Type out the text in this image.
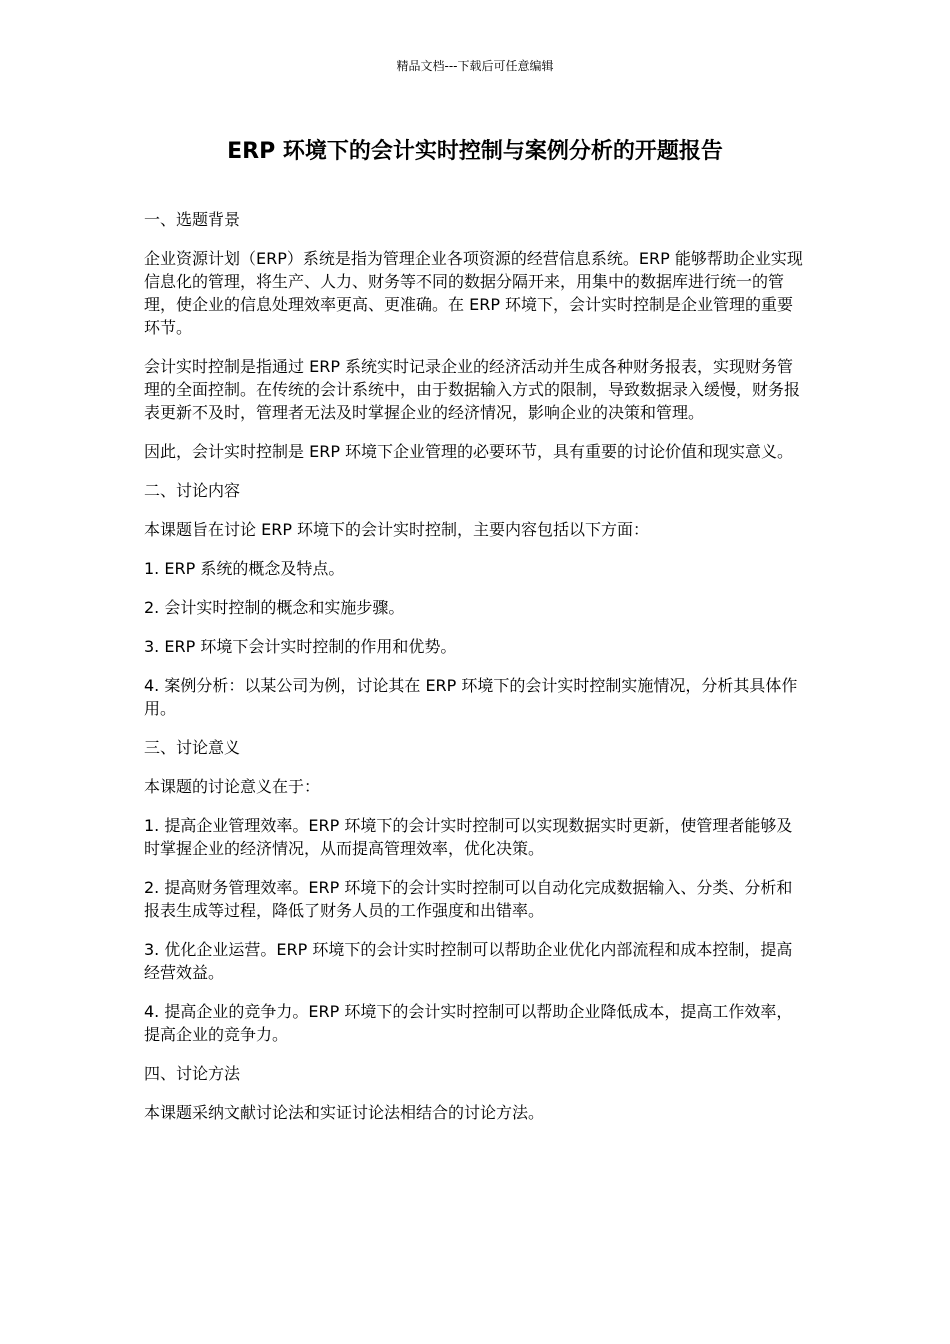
精品文档---下载后可任意编辑
ERP 环境下的会计实时控制与案例分析的开题报告

一、选题背景

企业资源计划（ERP）系统是指为管理企业各项资源的经营信息系统。ERP 能够帮助企业实现信息化的管理，将生产、人力、财务等不同的数据分隔开来，用集中的数据库进行统一的管理，使企业的信息处理效率更高、更准确。在 ERP 环境下，会计实时控制是企业管理的重要环节。

会计实时控制是指通过 ERP 系统实时记录企业的经济活动并生成各种财务报表，实现财务管理的全面控制。在传统的会计系统中，由于数据输入方式的限制，导致数据录入缓慢，财务报表更新不及时，管理者无法及时掌握企业的经济情况，影响企业的决策和管理。

因此，会计实时控制是 ERP 环境下企业管理的必要环节，具有重要的讨论价值和现实意义。

二、讨论内容

本课题旨在讨论 ERP 环境下的会计实时控制，主要内容包括以下方面：

1. ERP 系统的概念及特点。

2. 会计实时控制的概念和实施步骤。

3. ERP 环境下会计实时控制的作用和优势。

4. 案例分析：以某公司为例，讨论其在 ERP 环境下的会计实时控制实施情况，分析其具体作用。

三、讨论意义

本课题的讨论意义在于：

1. 提高企业管理效率。ERP 环境下的会计实时控制可以实现数据实时更新，使管理者能够及时掌握企业的经济情况，从而提高管理效率，优化决策。

2. 提高财务管理效率。ERP 环境下的会计实时控制可以自动化完成数据输入、分类、分析和报表生成等过程，降低了财务人员的工作强度和出错率。

3. 优化企业运营。ERP 环境下的会计实时控制可以帮助企业优化内部流程和成本控制，提高经营效益。

4. 提高企业的竞争力。ERP 环境下的会计实时控制可以帮助企业降低成本，提高工作效率，提高企业的竞争力。

四、讨论方法

本课题采纳文献讨论法和实证讨论法相结合的讨论方法。
